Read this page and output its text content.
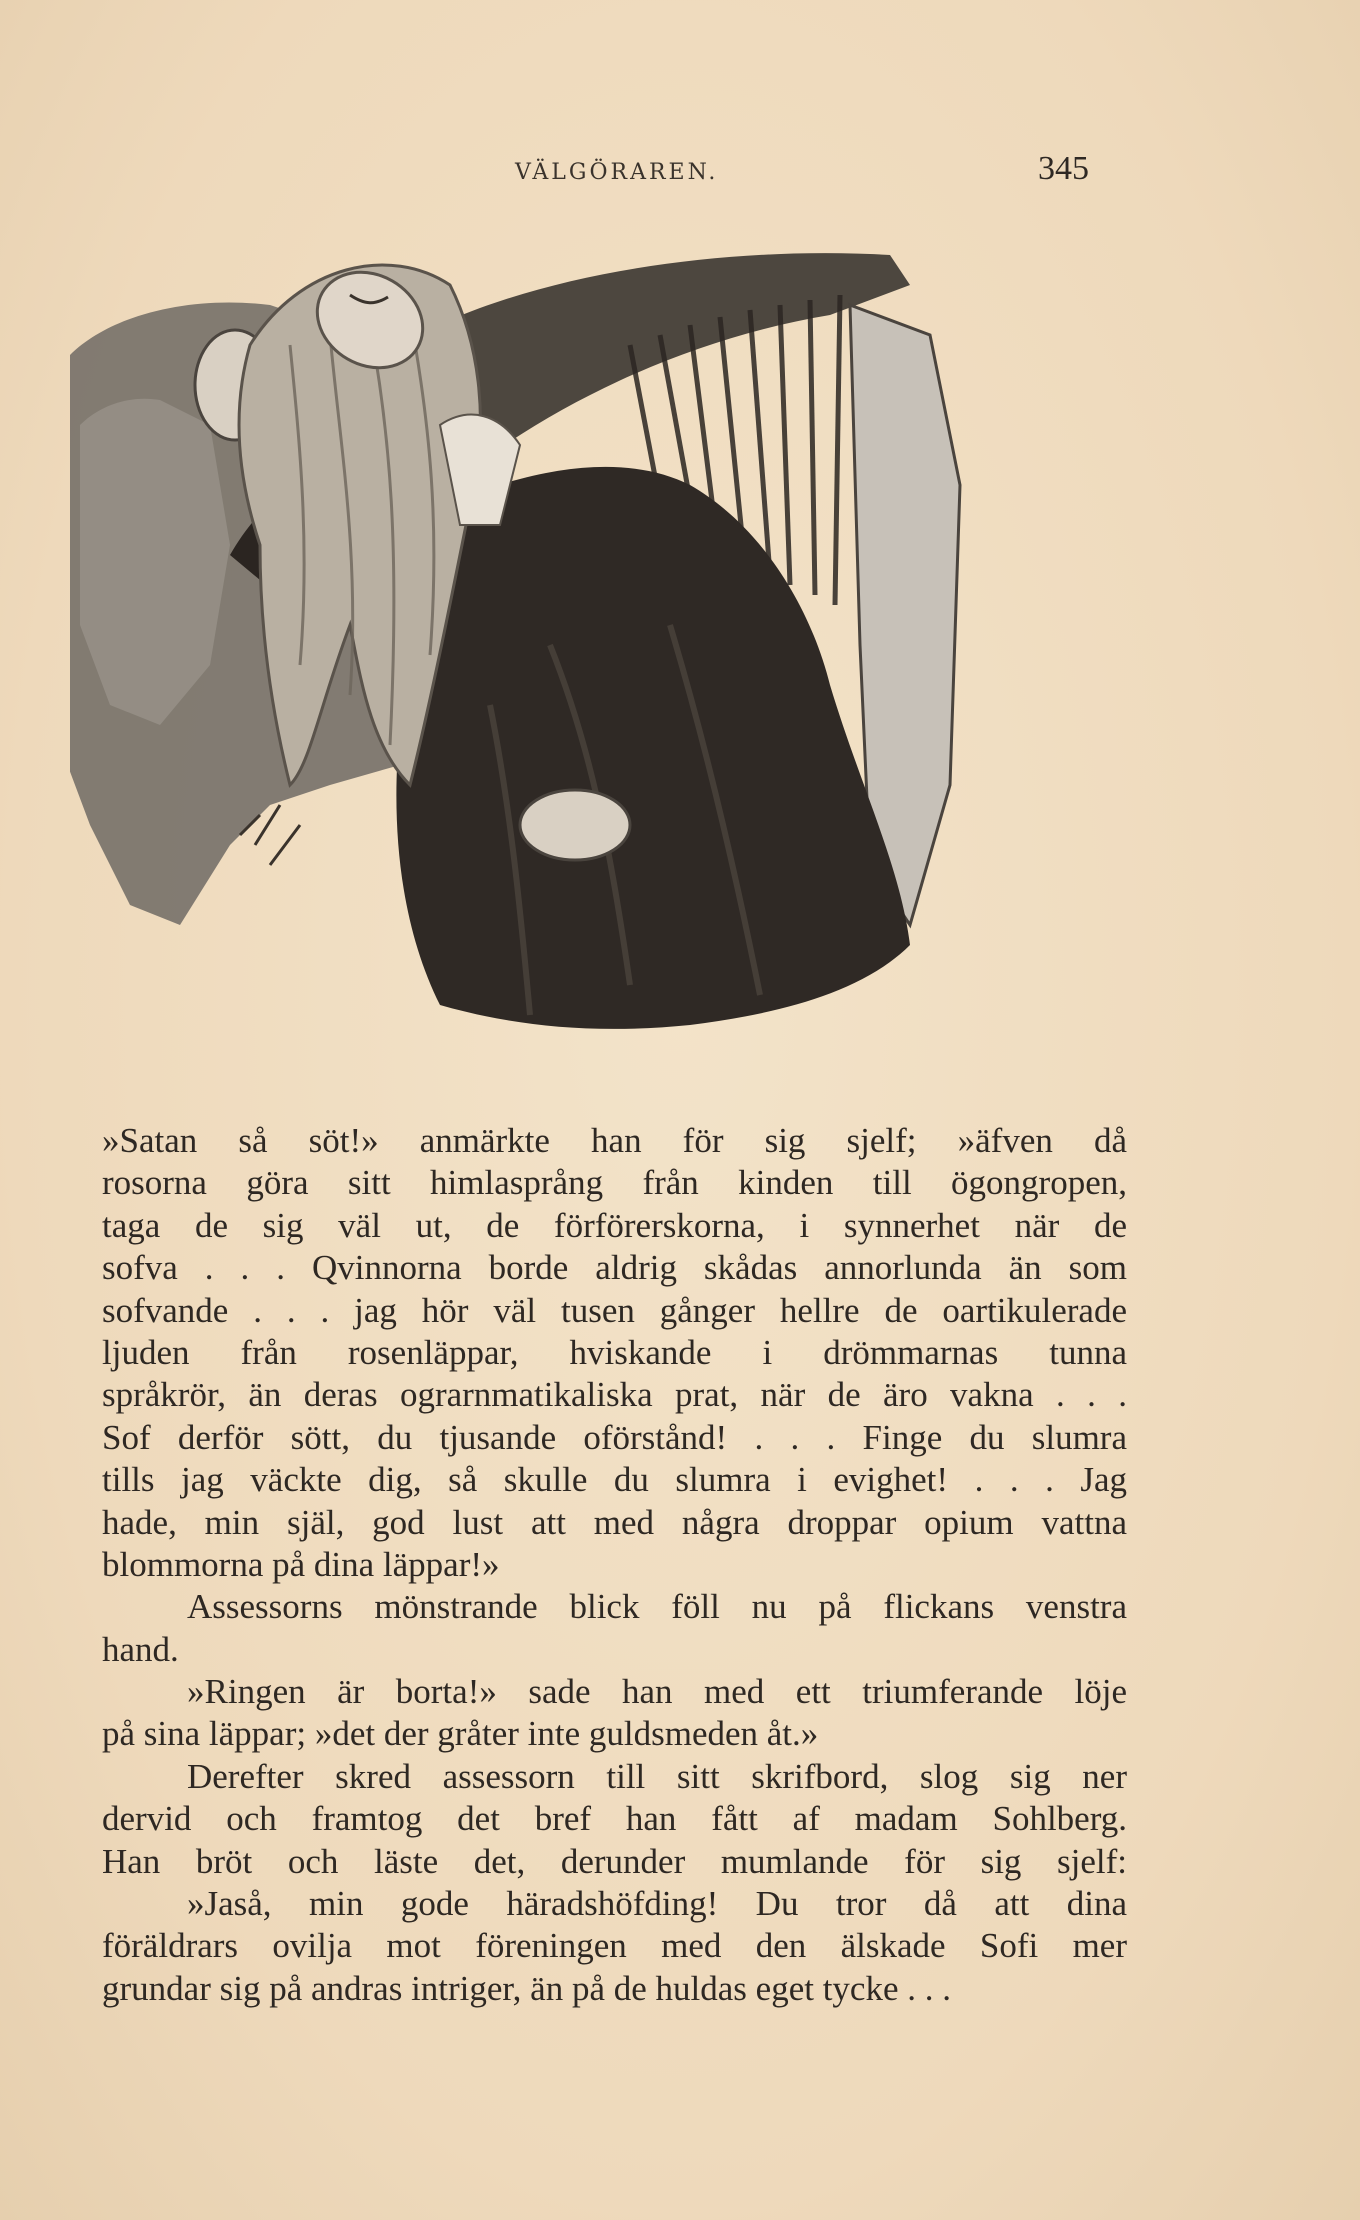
VÄLGÖRAREN.	345
»Satan så söt!» anmärkte han för sig sjelf; »äfven då
rosorna göra sitt himlasprång från kinden till ögongropen,
taga de sig väl ut, de förförerskorna, i synnerhet när de
sofva . . . Qvinnorna borde aldrig skådas annorlunda än som
sofvande . . . jag hör väl tusen gånger hellre de oartikulerade
ljuden från rosenläppar, hviskande i drömmarnas tunna
språkrör, än deras ograrnmatikaliska prat, när de äro vakna . . .
Sof derför sött, du tjusande oförstånd! . . . Finge du slumra
tills jag väckte dig, så skulle du slumra i evighet! . . . Jag
hade, min själ, god lust att med några droppar opium vattna
blommorna på dina läppar!»
Assessorns mönstrande blick föll nu på flickans venstra
hand.
»Ringen är borta!» sade han med ett triumferande löje
på sina läppar; »det der gråter inte guldsmeden åt.»
Derefter skred assessorn till sitt skrifbord, slog sig ner
dervid och framtog det bref han fått af madam Sohlberg.
Han bröt och läste det, derunder mumlande för sig sjelf:
»Jaså, min gode häradshöfding! Du tror då att dina
föräldrars ovilja mot föreningen med den älskade Sofi mer
grundar sig på andras intriger, än på de huldas eget tycke . . .
